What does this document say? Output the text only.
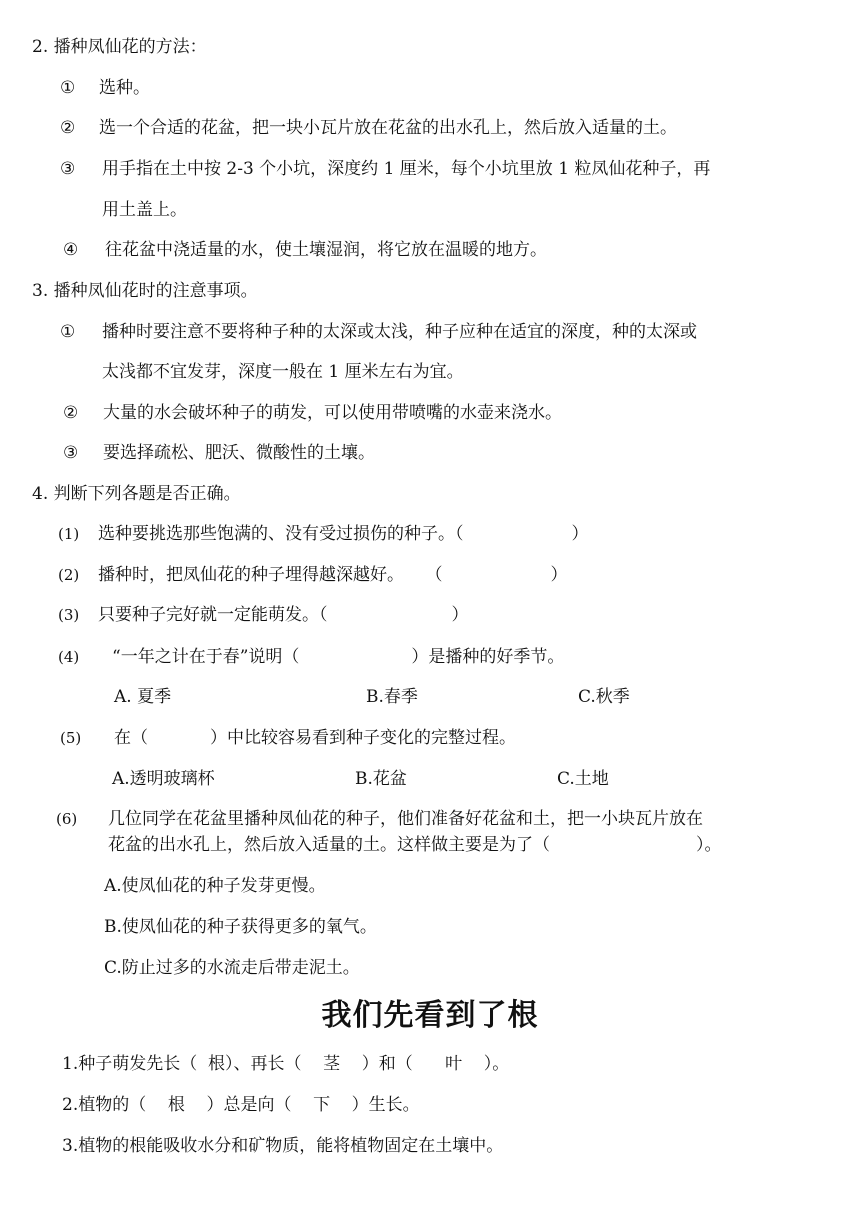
2. 播种凤仙花的方法：
① 选种。
② 选一个合适的花盆，把一块小瓦片放在花盆的出水孔上，然后放入适量的土。
③ 用手指在土中按 2-3 个小坑，深度约 1 厘米，每个小坑里放 1 粒凤仙花种子，再
用土盖上。
④ 往花盆中浇适量的水，使土壤湿润，将它放在温暖的地方。
3. 播种凤仙花时的注意事项。
① 播种时要注意不要将种子种的太深或太浅，种子应种在适宜的深度，种的太深或
太浅都不宜发芽，深度一般在 1 厘米左右为宜。
② 大量的水会破坏种子的萌发，可以使用带喷嘴的水壶来浇水。
③ 要选择疏松、肥沃、微酸性的土壤。
4. 判断下列各题是否正确。
(1) 选种要挑选那些饱满的、没有受过损伤的种子。（	）
(2) 播种时，把凤仙花的种子埋得越深越好。 （	）
(3) 只要种子完好就一定能萌发。（	）
(4) “一年之计在于春”说明（	）是播种的好季节。
A. 夏季	B.春季	C.秋季
(5) 在（	）中比较容易看到种子变化的完整过程。
A.透明玻璃杯	B.花盆	C.土地
(6) 几位同学在花盆里播种凤仙花的种子，他们准备好花盆和土，把一小块瓦片放在
花盆的出水孔上，然后放入适量的土。这样做主要是为了（	）。
A.使凤仙花的种子发芽更慢。
B.使凤仙花的种子获得更多的氧气。
C.防止过多的水流走后带走泥土。
我们先看到了根
1.种子萌发先长（  根）、再长（    茎    ）和（      叶    ）。
2.植物的（    根    ）总是向（    下    ）生长。
3.植物的根能吸收水分和矿物质，能将植物固定在土壤中。
